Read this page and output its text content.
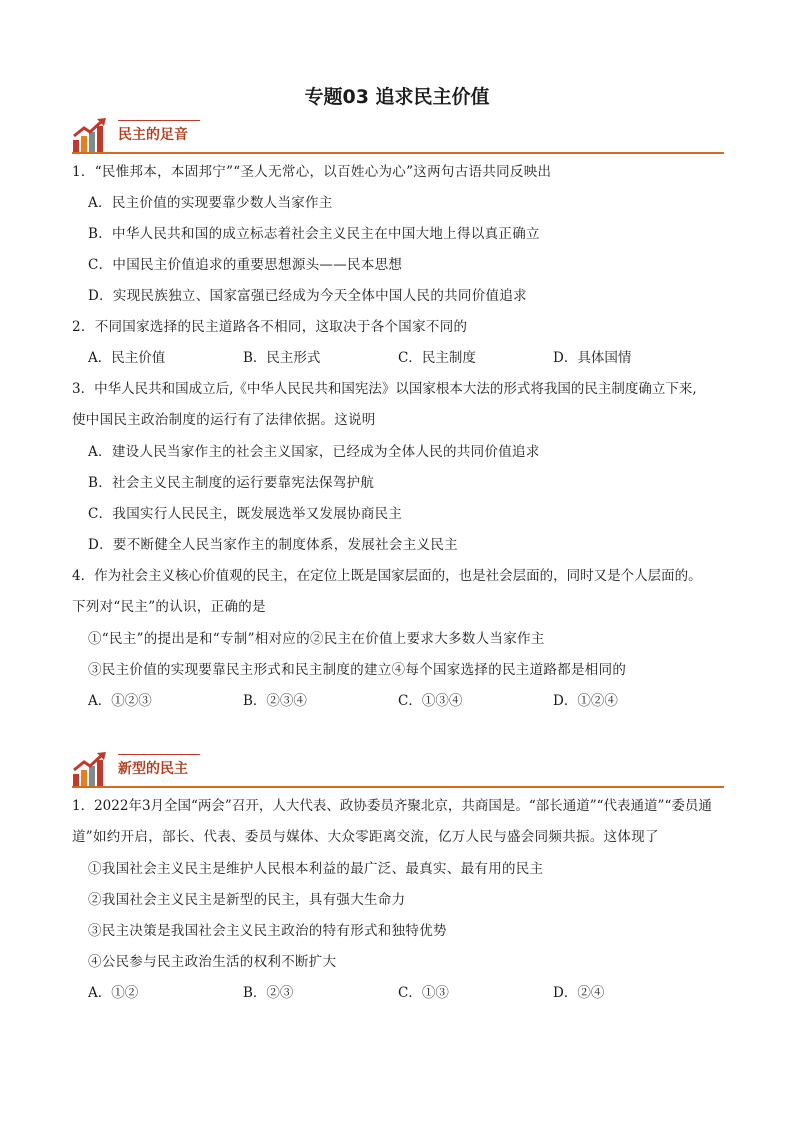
专题03 追求民主价值
民主的足音
1．“民惟邦本，本固邦宁”“圣人无常心，以百姓心为心”这两句古语共同反映出
A．民主价值的实现要靠少数人当家作主
B．中华人民共和国的成立标志着社会主义民主在中国大地上得以真正确立
C．中国民主价值追求的重要思想源头——民本思想
D．实现民族独立、国家富强已经成为今天全体中国人民的共同价值追求
2．不同国家选择的民主道路各不相同，这取决于各个国家不同的
A．民主价值	B．民主形式	C．民主制度	D．具体国情
3．中华人民共和国成立后,《中华人民民共和国宪法》以国家根本大法的形式将我国的民主制度确立下来,
使中国民主政治制度的运行有了法律依据。这说明
A．建设人民当家作主的社会主义国家，已经成为全体人民的共同价值追求
B．社会主义民主制度的运行要靠宪法保驾护航
C．我国实行人民民主，既发展选举又发展协商民主
D．要不断健全人民当家作主的制度体系，发展社会主义民主
4．作为社会主义核心价值观的民主，在定位上既是国家层面的，也是社会层面的，同时又是个人层面的。
下列对“民主”的认识，正确的是
①“民主”的提出是和“专制”相对应的②民主在价值上要求大多数人当家作主
③民主价值的实现要靠民主形式和民主制度的建立④每个国家选择的民主道路都是相同的
A．①②③	B．②③④	C．①③④	D．①②④
新型的民主
1．2022年3月全国“两会”召开，人大代表、政协委员齐聚北京，共商国是。“部长通道”“代表通道”“委员通
道”如约开启，部长、代表、委员与媒体、大众零距离交流，亿万人民与盛会同频共振。这体现了
①我国社会主义民主是维护人民根本利益的最广泛、最真实、最有用的民主
②我国社会主义民主是新型的民主，具有强大生命力
③民主决策是我国社会主义民主政治的特有形式和独特优势
④公民参与民主政治生活的权利不断扩大
A．①②	B．②③	C．①③	D．②④
